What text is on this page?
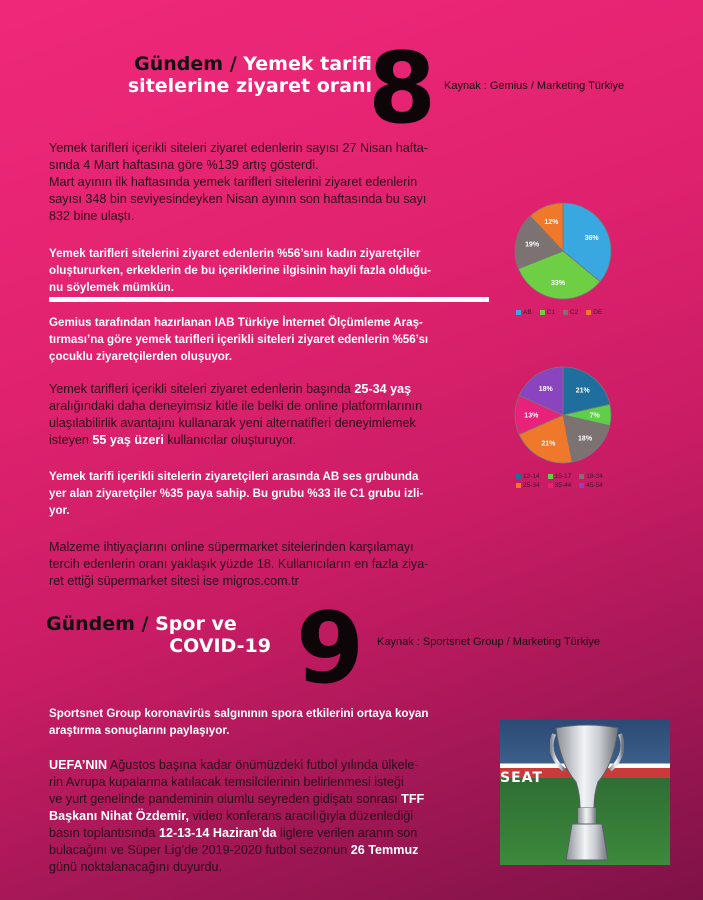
Gündem / Yemek tarifi
sitelerine ziyaret oranı
8 Kaynak : Gemius / Marketing Türkiye

Yemek tarifleri içerikli siteleri ziyaret edenlerin sayısı 27 Nisan hafta-

sında 4 Mart haftasına göre %139 artış gösterdi.

Mart ayının ilk haftasında yemek tarifleri sitelerini ziyaret edenlerin

sayısı 348 bin seviyesindeyken Nisan ayının son haftasında bu sayı

832 bine ulaştı.

Yemek tarifleri sitelerini ziyaret edenlerin %56’sını kadın ziyaretçiler

oluştururken, erkeklerin de bu içeriklerine ilgisinin hayli fazla olduğu-

nu söylemek mümkün.

Gemius tarafından hazırlanan IAB Türkiye İnternet Ölçümleme Araş-

tırması’na göre yemek tarifleri içerikli siteleri ziyaret edenlerin %56’sı

çocuklu ziyaretçilerden oluşuyor.

Yemek tarifleri içerikli siteleri ziyaret edenlerin başında 25-34 yaş

aralığındaki daha deneyimsiz kitle ile belki de online platformlarının

ulaşılabilirlik avantajını kullanarak yeni alternatifleri deneyimlemek

isteyen 55 yaş üzeri kullanıcılar oluşturuyor.

Yemek tarifi içerikli sitelerin ziyaretçileri arasında AB ses grubunda

yer alan ziyaretçiler %35 paya sahip. Bu grubu %33 ile C1 grubu izli-

yor.

Malzeme ihtiyaçlarını online süpermarket sitelerinden karşılamayı

tercih edenlerin oranı yaklaşık yüzde 18. Kullanıcıların en fazla ziya-

ret ettiği süpermarket sitesi ise migros.com.tr

36%
33%
19%
12%
AB	C1	C2	DE
21%
7%
18%
21%
13%
18%
12-14	15-17	18-24
25-34	35-44	45-54
Gündem / Spor ve
COVID-19 9 Kaynak : Sportsnet Group / Marketing Türkiye

Sportsnet Group koronavirüs salgınının spora etkilerini ortaya koyan

araştırma sonuçlarını paylaşıyor.

UEFA’NIN Ağustos başına kadar önümüzdeki futbol yılında ülkele-

rin Avrupa kupalarına katılacak temsilcilerinin belirlenmesi isteği

ve yurt genelinde pandeminin olumlu seyreden gidişatı sonrası TFF

Başkanı Nihat Özdemir, video konferans aracılığıyla düzenlediği

basın toplantısında 12-13-14 Haziran’da liglere verilen aranın son

bulacağını ve Süper Lig’de 2019-2020 futbol sezonun 26 Temmuz

günü noktalanacağını duyurdu.

SEAT
